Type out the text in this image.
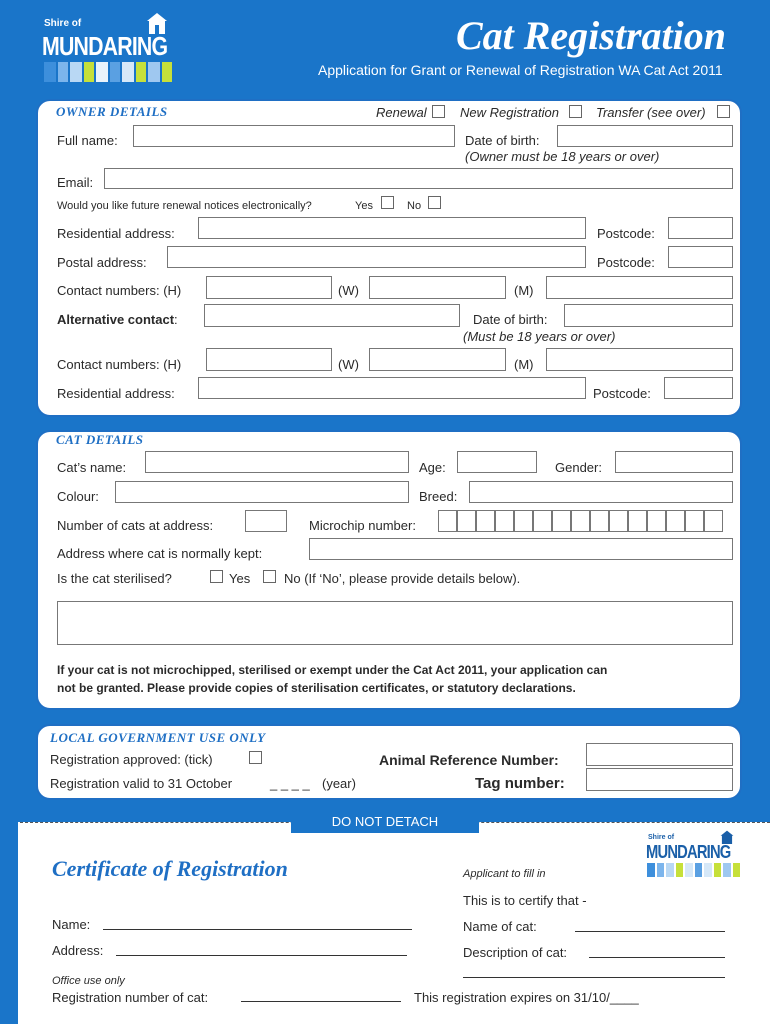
Shire of
MUNDARING	Cat Registration
Application for Grant or Renewal of Registration WA Cat Act 2011
OWNER DETAILS	Renewal	New Registration	Transfer (see over)
Full name:	Date of birth:
(Owner must be 18 years or over)
Email:
Would you like future renewal notices electronically?	Yes	No
Residential address:	Postcode:
Postal address:	Postcode:
Contact numbers: (H)	(W)	(M)
Alternative contact:	Date of birth:
(Must be 18 years or over)
Contact numbers: (H)	(W)	(M)
Residential address:	Postcode:
CAT DETAILS
Cat’s name:	Age:	Gender:
Colour:	Breed:
Number of cats at address:	Microchip number:
Address where cat is normally kept:
Is the cat sterilised?	Yes	No (If ‘No’, please provide details below).
If your cat is not microchipped, sterilised or exempt under the Cat Act 2011, your application can
not be granted. Please provide copies of sterilisation certificates, or statutory declarations.
LOCAL GOVERNMENT USE ONLY
Registration approved: (tick)	Animal Reference Number:
Registration valid to 31 October	_ _ _ _ (year)	Tag number:
DO NOT DETACH
Certificate of Registration
Shire of
MUNDARING
Applicant to fill in
This is to certify that -
Name:	Name of cat:
Address:	Description of cat:
Office use only
Registration number of cat:	This registration expires on 31/10/____
